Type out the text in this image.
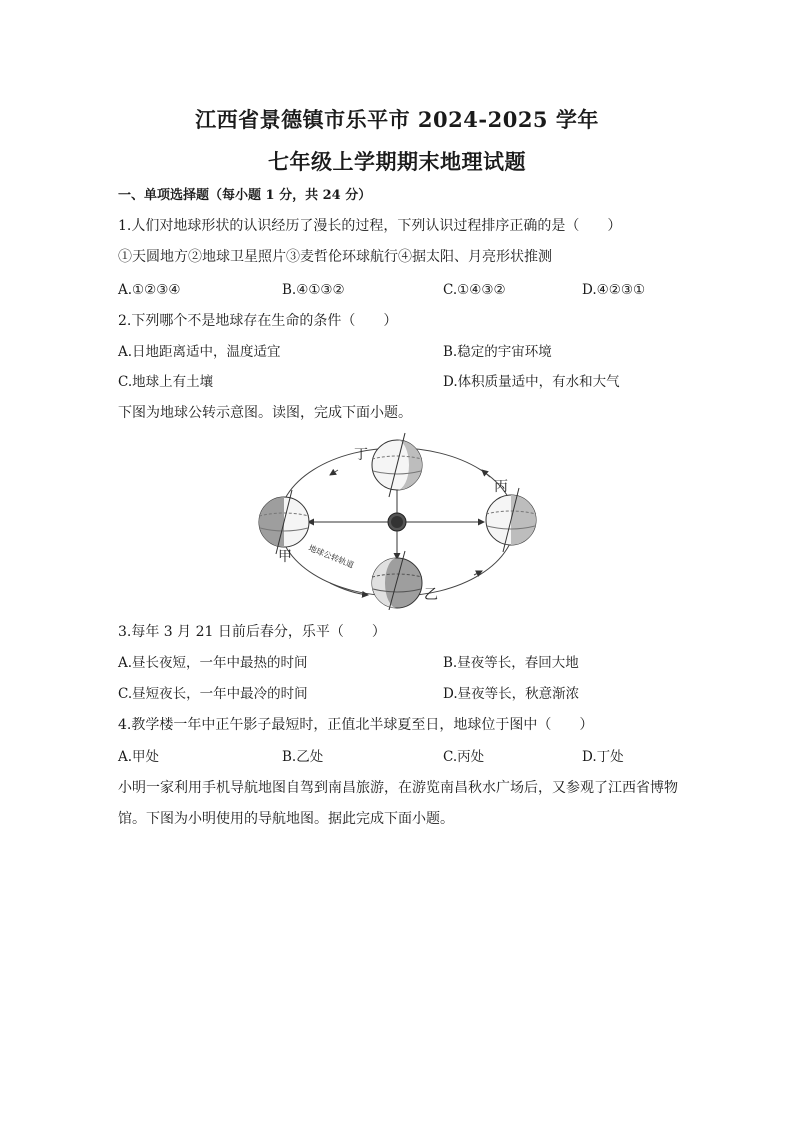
江西省景德镇市乐平市 2024-2025 学年
七年级上学期期末地理试题
一、单项选择题（每小题 1 分，共 24 分）
1.人们对地球形状的认识经历了漫长的过程，下列认识过程排序正确的是（　　）
①天圆地方②地球卫星照片③麦哲伦环球航行④据太阳、月亮形状推测
A.①②③④	B.④①③②	C.①④③②	D.④②③①
2.下列哪个不是地球存在生命的条件（　　）
A.日地距离适中，温度适宜	B.稳定的宇宙环境
C.地球上有土壤	D.体积质量适中，有水和大气
下图为地球公转示意图。读图，完成下面小题。
丁
丙
甲
乙
地球公转轨道
3.每年 3 月 21 日前后春分，乐平（　　）
A.昼长夜短，一年中最热的时间	B.昼夜等长，春回大地
C.昼短夜长，一年中最冷的时间	D.昼夜等长，秋意渐浓
4.教学楼一年中正午影子最短时，正值北半球夏至日，地球位于图中（　　）
A.甲处	B.乙处	C.丙处	D.丁处
小明一家利用手机导航地图自驾到南昌旅游，在游览南昌秋水广场后，又参观了江西省博物
馆。下图为小明使用的导航地图。据此完成下面小题。
